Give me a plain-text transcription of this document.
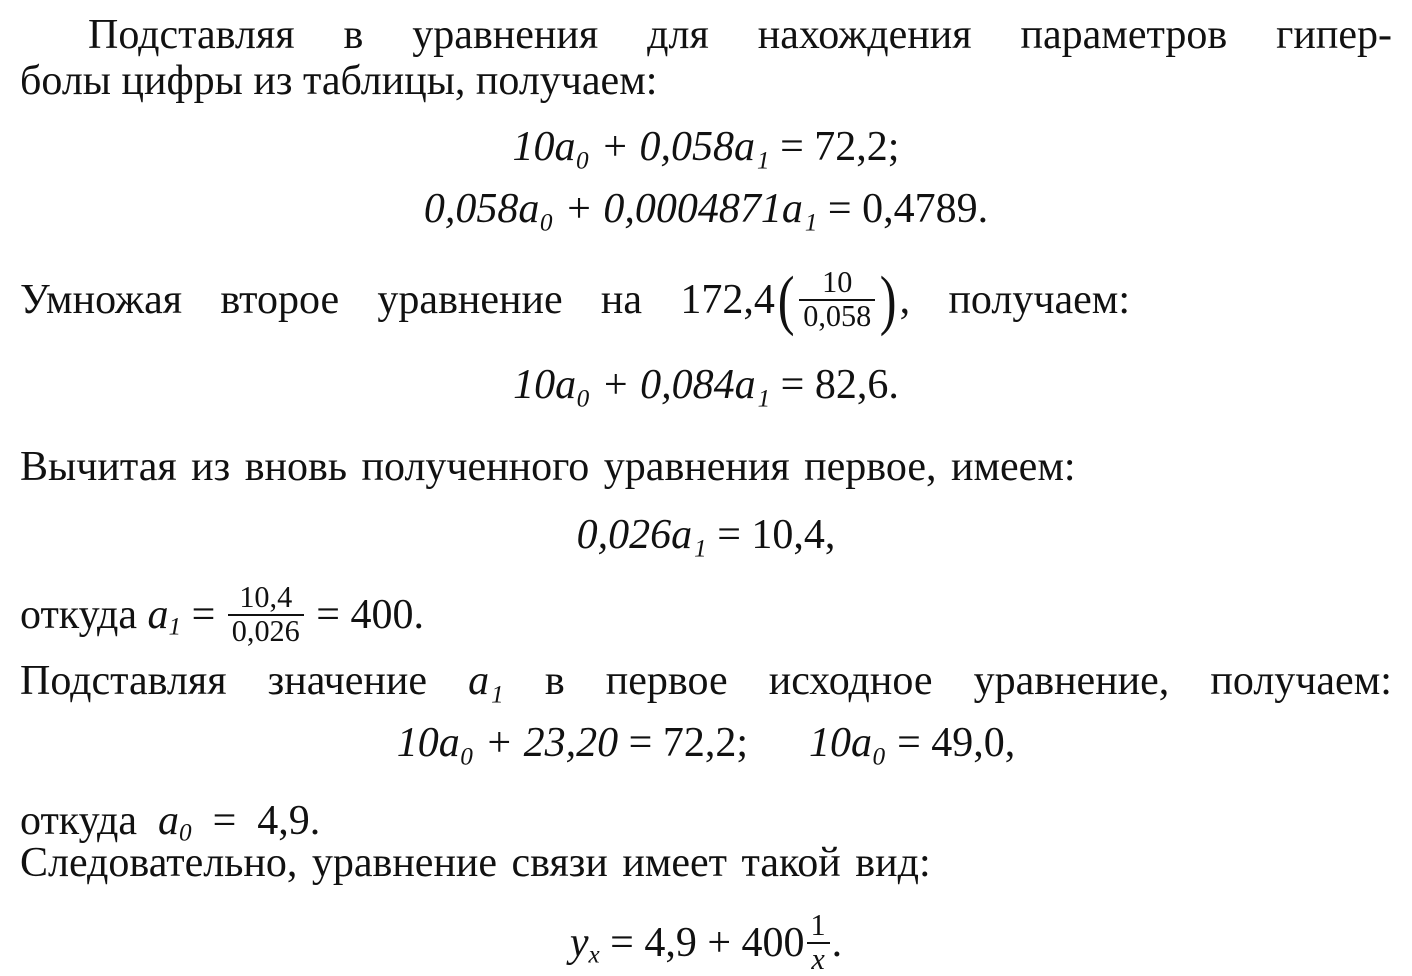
Подставляя в уравнения для нахождения параметров гипер-
болы цифры из таблицы, получаем:
10a₀ + 0,058a₁ = 72,2;
0,058a₀ + 0,0004871a₁ = 0,4789.
Умножая второе уравнение на 172,4 ( $\frac{10}{0,058}$ ) , получаем:
10a₀ + 0,084a₁ = 82,6.
Вычитая из вновь полученного уравнения первое, имеем:
0,026a₁ = 10,4,
откуда $a_1 = \frac{10,4}{0,026} = 400$.
Подставляя значение a₁ в первое исходное уравнение, получаем:
10a₀ + 23,20 = 72,2; 10a₀ = 49,0,
откуда  $a_0 = 4,9$.
Следовательно, уравнение связи имеет такой вид:
$y_x = 4,9 + 400 \frac{1}{x}$ .
